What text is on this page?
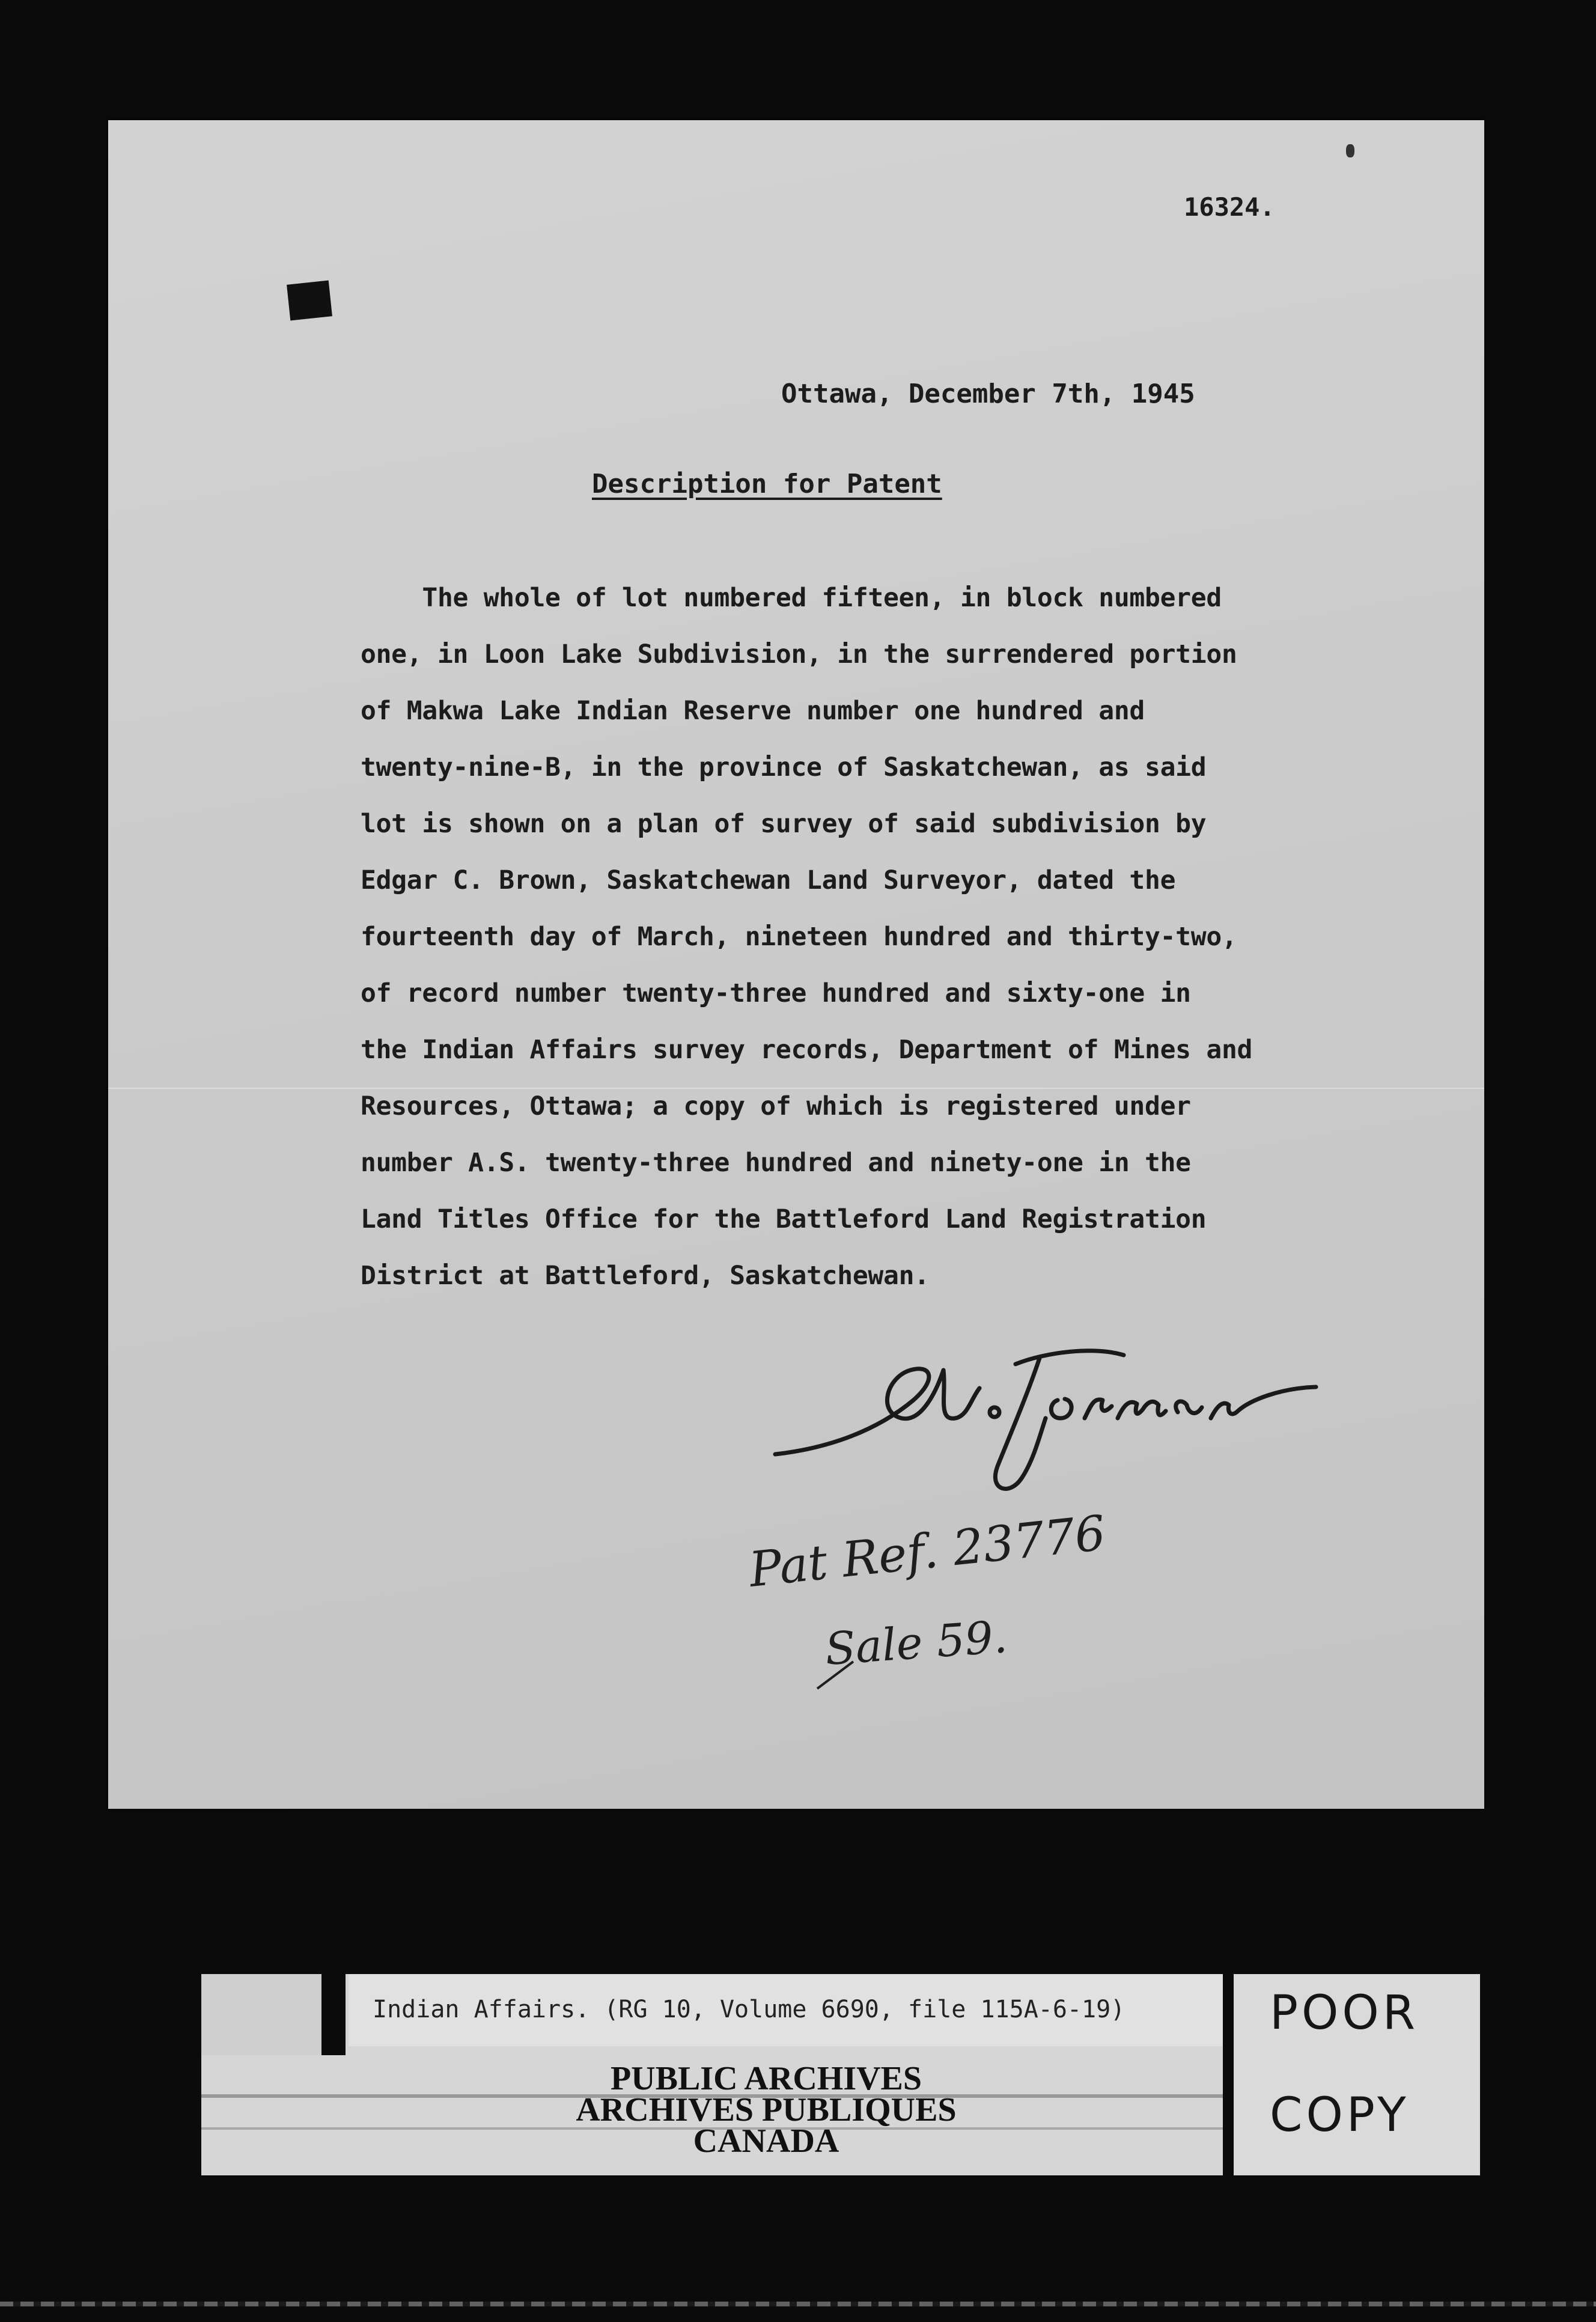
16324.
Ottawa, December 7th, 1945
Description for Patent
The whole of lot numbered fifteen, in block numbered
one, in Loon Lake Subdivision, in the surrendered portion
of Makwa Lake Indian Reserve number one hundred and
twenty-nine-B, in the province of Saskatchewan, as said
lot is shown on a plan of survey of said subdivision by
Edgar C. Brown, Saskatchewan Land Surveyor, dated the
fourteenth day of March, nineteen hundred and thirty-two,
of record number twenty-three hundred and sixty-one in
the Indian Affairs survey records, Department of Mines and
Resources, Ottawa; a copy of which is registered under
number A.S. twenty-three hundred and ninety-one in the
Land Titles Office for the Battleford Land Registration
District at Battleford, Saskatchewan.
Pat Ref. 23776
Sale 59.
Indian Affairs. (RG 10, Volume 6690, file 115A-6-19)
PUBLIC ARCHIVES
ARCHIVES PUBLIQUES
CANADA
POOR
COPY
